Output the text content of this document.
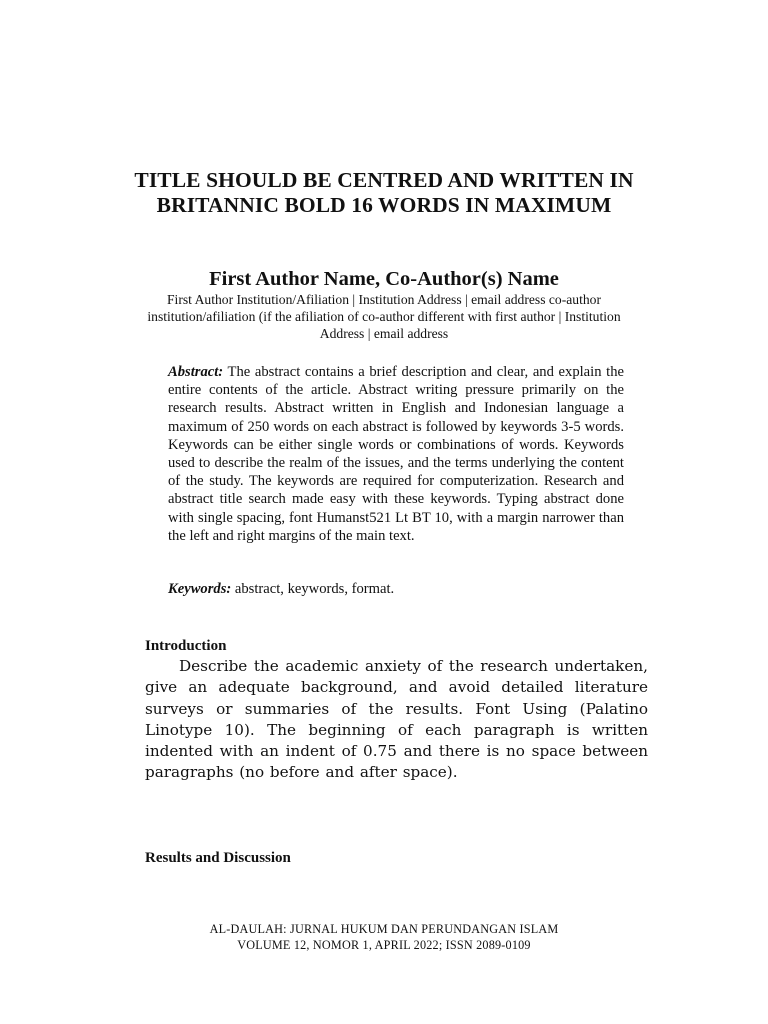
TITLE SHOULD BE CENTRED AND WRITTEN IN BRITANNIC BOLD 16 WORDS IN MAXIMUM

First Author Name, Co-Author(s) Name

First Author Institution/Afiliation | Institution Address | email address co-author institution/afiliation (if the afiliation of co-author different with first author | Institution Address | email address

Abstract: The abstract contains a brief description and clear, and explain the entire contents of the article. Abstract writing pressure primarily on the research results. Abstract written in English and Indonesian language a maximum of 250 words on each abstract is followed by keywords 3-5 words. Keywords can be either single words or combinations of words. Keywords used to describe the realm of the issues, and the terms underlying the content of the study. The keywords are required for computerization. Research and abstract title search made easy with these keywords. Typing abstract done with single spacing, font Humanst521 Lt BT 10, with a margin narrower than the left and right margins of the main text.

Keywords: abstract, keywords, format.

Introduction

Describe the academic anxiety of the research undertaken, give an adequate background, and avoid detailed literature surveys or summaries of the results. Font Using (Palatino Linotype 10). The beginning of each paragraph is written indented with an indent of 0.75 and there is no space between paragraphs (no before and after space).

Results and Discussion
AL-DAULAH: JURNAL HUKUM DAN PERUNDANGAN ISLAM
VOLUME 12, NOMOR 1, APRIL 2022; ISSN 2089-0109
